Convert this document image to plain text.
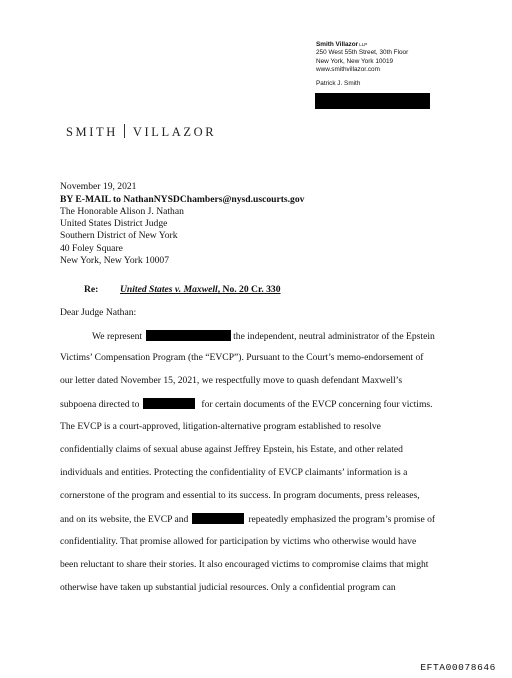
Smith VillazorLLP
250 West 55th Street, 30th Floor
New York, New York 10019
www.smithvillazor.com
Patrick J. Smith
SMITH VILLAZOR
November 19, 2021
BY E-MAIL to NathanNYSDChambers@nysd.uscourts.gov
The Honorable Alison J. Nathan
United States District Judge
Southern District of New York
40 Foley Square
New York, New York 10007
Re: United States v. Maxwell, No. 20 Cr. 330
Dear Judge Nathan:
We represent	the independent, neutral administrator of the Epstein
Victims’ Compensation Program (the “EVCP”). Pursuant to the Court’s memo-endorsement of
our letter dated November 15, 2021, we respectfully move to quash defendant Maxwell’s
subpoena directed to	for certain documents of the EVCP concerning four victims.
The EVCP is a court-approved, litigation-alternative program established to resolve
confidentially claims of sexual abuse against Jeffrey Epstein, his Estate, and other related
individuals and entities. Protecting the confidentiality of EVCP claimants’ information is a
cornerstone of the program and essential to its success. In program documents, press releases,
and on its website, the EVCP and	repeatedly emphasized the program’s promise of
confidentiality. That promise allowed for participation by victims who otherwise would have
been reluctant to share their stories. It also encouraged victims to compromise claims that might
otherwise have taken up substantial judicial resources. Only a confidential program can
EFTA00078646
